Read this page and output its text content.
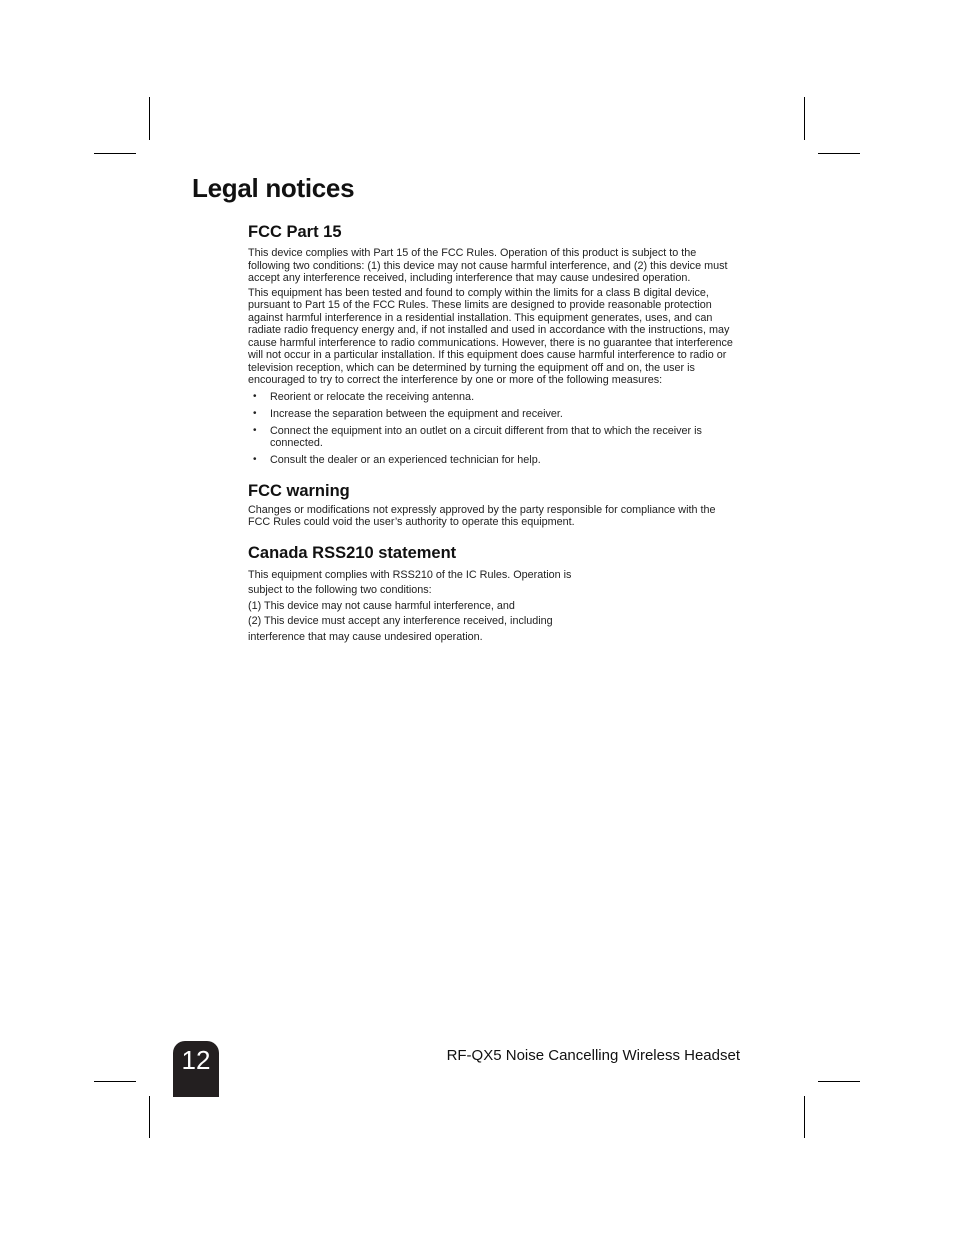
Legal notices
FCC Part 15

This device complies with Part 15 of the FCC Rules. Operation of this product is subject to the following two conditions: (1) this device may not cause harmful interference, and (2) this device must accept any interference received, including interference that may cause undesired operation.

This equipment has been tested and found to comply within the limits for a class B digital device, pursuant to Part 15 of the FCC Rules. These limits are designed to provide reasonable protection against harmful interference in a residential installation. This equipment generates, uses, and can radiate radio frequency energy and, if not installed and used in accordance with the instructions, may cause harmful interference to radio communications. However, there is no guarantee that interference will not occur in a particular installation. If this equipment does cause harmful interference to radio or television reception, which can be determined by turning the equipment off and on, the user is encouraged to try to correct the interference by one or more of the following measures:

• Reorient or relocate the receiving antenna.
• Increase the separation between the equipment and receiver.
• Connect the equipment into an outlet on a circuit different from that to which the receiver is connected.
• Consult the dealer or an experienced technician for help.
FCC warning

Changes or modifications not expressly approved by the party responsible for compliance with the FCC Rules could void the user’s authority to operate this equipment.

Canada RSS210 statement

This equipment complies with RSS210 of the IC Rules. Operation is

subject to the following two conditions:

(1) This device may not cause harmful interference, and

(2) This device must accept any interference received, including

interference that may cause undesired operation.

12	RF-QX5 Noise Cancelling Wireless Headset
